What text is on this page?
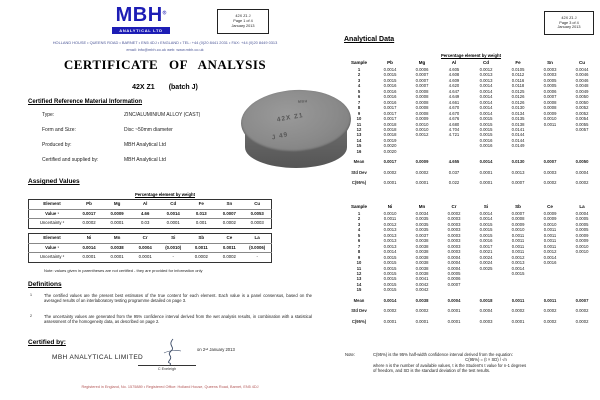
MBH®
ANALYTICAL LTD
42X Z1 J
Page 1 of 4
January 2013
HOLLAND HOUSE • QUEENS ROAD • BARNET • EN5 4DJ • ENGLAND • TEL: +44 (0)20 8441 2031 • FAX: +44 (0)20 8449 0313
email: info@mbh.co.uk web: www.mbh.co.uk
CERTIFICATE OF ANALYSIS
42X Z1 (batch J)
Certified Reference Material Information
Type:	ZINC/ALUMINIUM ALLOY (CAST)
Form and Size:	Disc ~50mm diameter
Produced by:	MBH Analytical Ltd
Certified and supplied by:	MBH Analytical Ltd
MBH
42X Z1
J 49
Assigned Values
Percentage element by weight
Element	Pb	Mg	Al	Cd	Fe	Sn	Cu
Value ¹	0.0017	0.0009	4.66	0.0014	0.013	0.0007	0.0053
Uncertainty ²	0.0002	0.0001	0.03	0.0001	0.001	0.0002	0.0003
Element	Ni	Mn	Cr	Si	Sb	Ce	La
Value ¹	0.0014	0.0038	0.0004	(0.0010)	0.0011	0.0011	(0.0006)
Uncertainty ²	0.0001	0.0001	0.0001	-	0.0002	0.0002	-
Note: values given in parentheses are not certified - they are provided for information only
Definitions
1	The certified values are the present best estimates of the true content for each element. Each value is a panel consensus, based on the averaged results of an interlaboratory testing programme detailed on page 3.
2	The uncertainty values are generated from the 95% confidence interval derived from the wet analysis results, in combination with a statistical assessment of the homogeneity data, as described on page 2.
Certified by:
MBH ANALYTICAL LIMITED
on 2ⁿᵈ January 2013
C Eveleigh
Registered in England, No. 1575889 • Registered Office: Holland House, Queens Road, Barnet, EN5 4DJ
42X Z1 J
Page 3 of 4
January 2013
Analytical Data
Percentage element by weight
Sample	Pb	Mg	Al	Cd	Fe	Sn	Cu
1	0.0014	0.0006	4.605	0.0012	0.0105	0.0003	0.0044
2	0.0015	0.0007	4.608	0.0013	0.0112	0.0003	0.0046
3	0.0015	0.0007	4.609	0.0013	0.0116	0.0005	0.0046
4	0.0016	0.0007	4.620	0.0014	0.0118	0.0005	0.0048
5	0.0016	0.0008	4.647	0.0014	0.0125	0.0006	0.0049
6	0.0016	0.0008	4.649	0.0014	0.0126	0.0007	0.0050
7	0.0016	0.0008	4.661	0.0014	0.0126	0.0008	0.0050
8	0.0017	0.0008	4.670	0.0014	0.0130	0.0008	0.0052
9	0.0017	0.0008	4.670	0.0014	0.0134	0.0009	0.0052
10	0.0017	0.0009	4.676	0.0015	0.0135	0.0010	0.0054
11	0.0018	0.0010	4.680	0.0015	0.0138	0.0011	0.0055
12	0.0018	0.0010	4.704	0.0015	0.0141		0.0057
13	0.0018	0.0012	4.721	0.0015	0.0144		
14	0.0019			0.0016	0.0144		
15	0.0020			0.0016	0.0149		
16	0.0020						
Mean	0.0017	0.0009	4.655	0.0014	0.0130	0.0007	0.0050
Std Dev	0.0002	0.0002	0.037	0.0001	0.0013	0.0003	0.0004
C(95%)	0.0001	0.0001	0.022	0.0001	0.0007	0.0002	0.0002
Sample	Ni	Mn	Cr	Si	Sb	Ce	La
1	0.0010	0.0034	0.0002	0.0014	0.0007	0.0009	0.0004
2	0.0011	0.0035	0.0003	0.0014	0.0008	0.0009	0.0005
3	0.0012	0.0035	0.0003	0.0015	0.0009	0.0010	0.0005
4	0.0013	0.0035	0.0003	0.0015	0.0010	0.0011	0.0005
5	0.0013	0.0037	0.0003	0.0015	0.0011	0.0011	0.0009
6	0.0013	0.0038	0.0003	0.0016	0.0011	0.0011	0.0009
7	0.0013	0.0038	0.0003	0.0017	0.0011	0.0011	0.0010
8	0.0014	0.0038	0.0003	0.0021	0.0011	0.0012	0.0010
9	0.0015	0.0038	0.0004	0.0024	0.0012	0.0014	
10	0.0015	0.0038	0.0004	0.0024	0.0013	0.0016	
11	0.0015	0.0038	0.0004	0.0025	0.0014		
12	0.0015	0.0038	0.0005		0.0015		
13	0.0015	0.0041	0.0006				
14	0.0015	0.0042	0.0007				
15	0.0015	0.0042					
Mean	0.0014	0.0038	0.0004	0.0018	0.0011	0.0011	0.0007
Std Dev	0.0002	0.0002	0.0001	0.0004	0.0002	0.0002	0.0002
C(95%)	0.0001	0.0001	0.0001	0.0003	0.0001	0.0002	0.0002
Note:	C(95%) is the 95% half-width confidence interval derived from the equation:
C(95%) = (t × SD) / √n
where n is the number of available values, t is the Student's t value for n-1 degrees
of freedom, and SD is the standard deviation of the test results.
